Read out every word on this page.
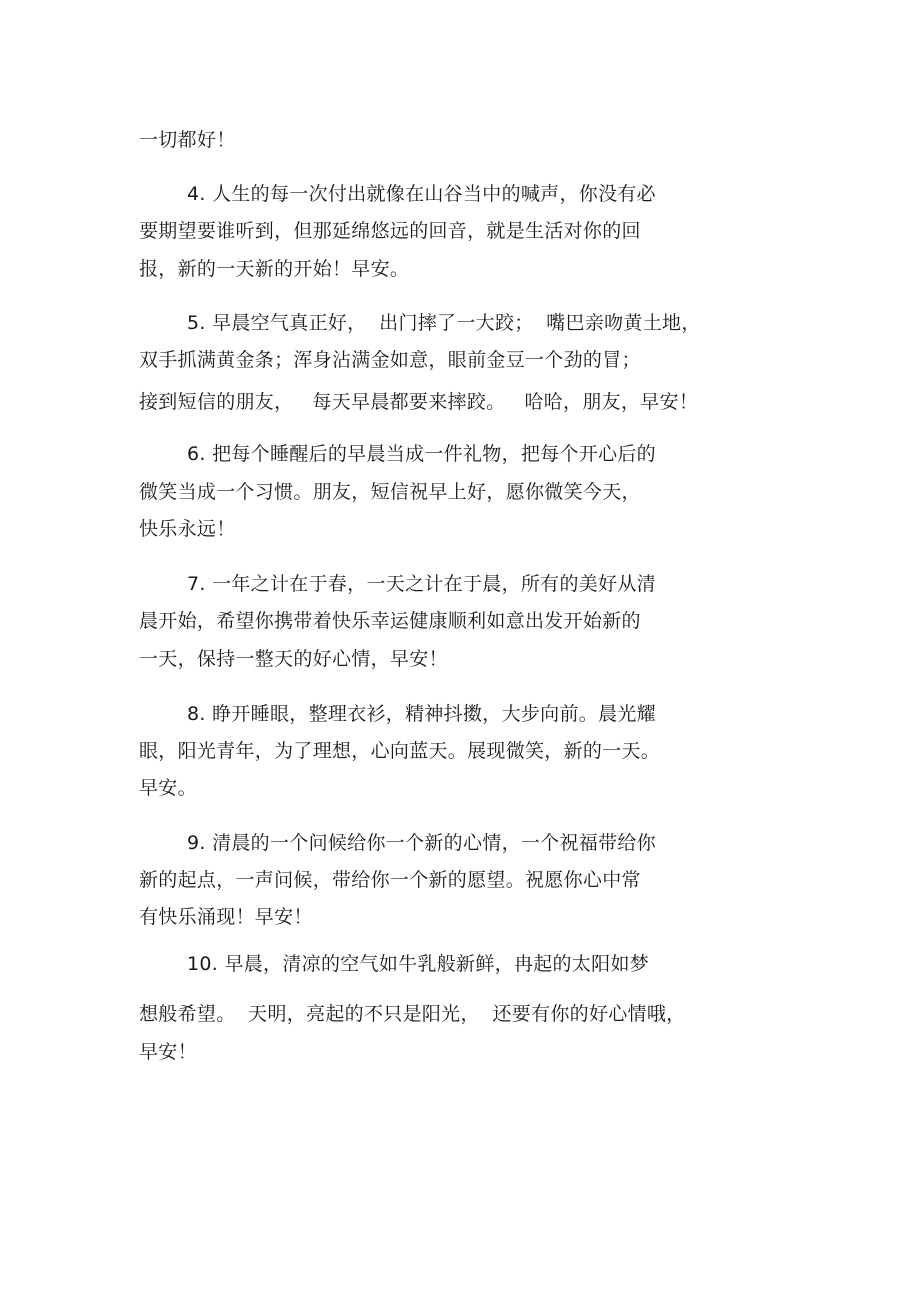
一切都好！
4. 人生的每一次付出就像在山谷当中的喊声，你没有必
要期望要谁听到，但那延绵悠远的回音，就是生活对你的回
报，新的一天新的开始！早安。
5. 早晨空气真正好，  出门摔了一大跤；  嘴巴亲吻黄土地，
双手抓满黄金条；浑身沾满金如意，眼前金豆一个劲的冒；
接到短信的朋友，   每天早晨都要来摔跤。   哈哈，朋友，早安！
6. 把每个睡醒后的早晨当成一件礼物，把每个开心后的
微笑当成一个习惯。朋友，短信祝早上好，愿你微笑今天，
快乐永远！
7. 一年之计在于春，一天之计在于晨，所有的美好从清
晨开始，希望你携带着快乐幸运健康顺利如意出发开始新的
一天，保持一整天的好心情，早安！
8. 睁开睡眼，整理衣衫，精神抖擞，大步向前。晨光耀
眼，阳光青年，为了理想，心向蓝天。展现微笑，新的一天。
早安。
9. 清晨的一个问候给你一个新的心情，一个祝福带给你
新的起点，一声问候，带给你一个新的愿望。祝愿你心中常
有快乐涌现！早安！
10. 早晨，清凉的空气如牛乳般新鲜，冉起的太阳如梦
想般希望。  天明，亮起的不只是阳光，  还要有你的好心情哦，
早安！
